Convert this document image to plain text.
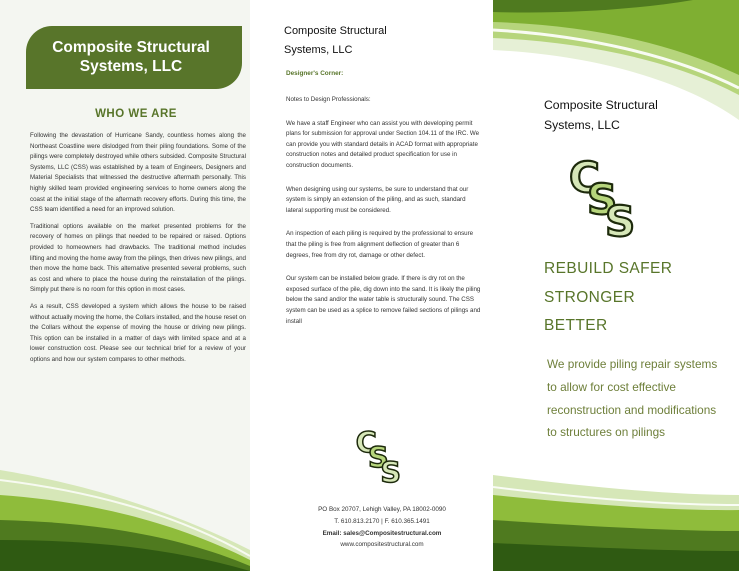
Composite Structural
Systems, LLC
WHO WE ARE

Following the devastation of Hurricane Sandy, countless homes along the Northeast Coastline were dislodged from their piling foundations. Some of the pilings were completely destroyed while others subsided. Composite Structural Systems, LLC (CSS) was established by a team of Engineers, Designers and Material Specialists that witnessed the destructive aftermath personally. This highly skilled team provided engineering services to home owners along the coast at the initial stage of the aftermath recovery efforts. During this time, the CSS team identified a need for an improved solution.

Traditional options available on the market presented problems for the recovery of homes on pilings that needed to be repaired or raised. Options provided to homeowners had drawbacks. The traditional method includes lifting and moving the home away from the pilings, then drives new pilings, and then move the home back. This alternative presented several problems, such as cost and where to place the house during the reinstallation of the pilings. Simply put there is no room for this option in most cases.

As a result, CSS developed a system which allows the house to be raised without actually moving the home, the Collars installed, and the house reset on the Collars without the expense of moving the house or driving new pilings. This option can be installed in a matter of days with limited space and at a lower construction cost. Please see our technical brief for a review of your options and how our system compares to other methods.

Composite Structural
Systems, LLC
Designer's Corner:

Notes to Design Professionals:

We have a staff Engineer who can assist you with developing permit plans for submission for approval under Section 104.11 of the IRC. We can provide you with standard details in ACAD format with appropriate construction notes and detailed product specification for use in construction documents.

When designing using our systems, be sure to understand that our system is simply an extension of the piling, and as such, standard lateral supporting must be considered.

An inspection of each piling is required by the professional to ensure that the piling is free from alignment deflection of greater than 6 degrees, free from dry rot, damage or other defect.

Our system can be installed below grade. If there is dry rot on the exposed surface of the pile, dig down into the sand. It is likely the piling below the sand and/or the water table is structurally sound. The CSS system can be used as a splice to remove failed sections of pilings and install

C
S
S
PO Box 20707, Lehigh Valley, PA 18002-0090
T. 610.813.2170 | F. 610.365.1491
Email: sales@Compositestructural.com
www.compositestructural.com
Composite Structural
Systems, LLC
C
S
S
REBUILD SAFER
STRONGER
BETTER
We provide piling repair systems to allow for cost effective reconstruction and modifications to structures on pilings
